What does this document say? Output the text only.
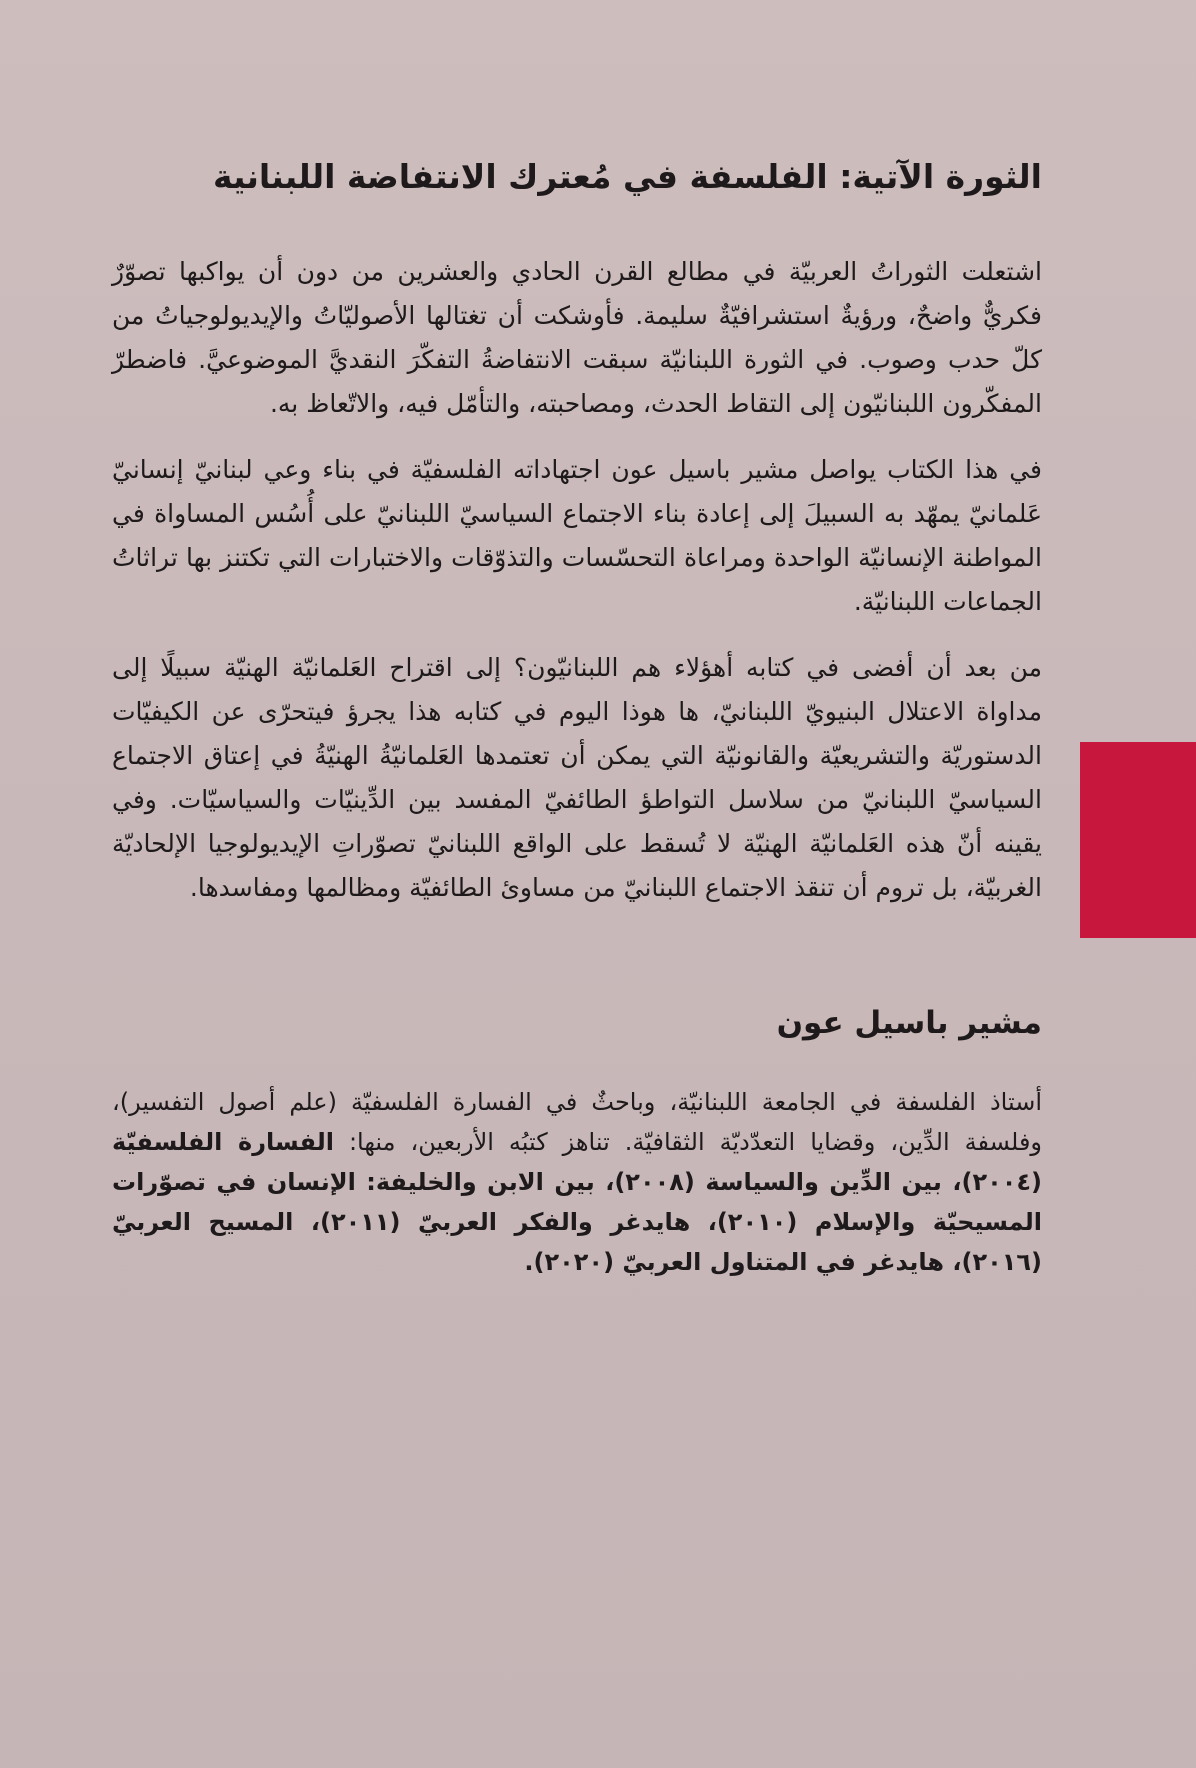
الثورة الآتية: الفلسفة في مُعترك الانتفاضة اللبنانية

اشتعلت الثوراتُ العربيّة في مطالع القرن الحادي والعشرين من دون أن يواكبها تصوّرٌ فكريٌّ واضحٌ، ورؤيةٌ استشرافيّةٌ سليمة. فأوشكت أن تغتالها الأصوليّاتُ والإيديولوجياتُ من كلّ حدب وصوب. في الثورة اللبنانيّة سبقت الانتفاضةُ التفكّرَ النقديَّ الموضوعيَّ. فاضطرّ المفكّرون اللبنانيّون إلى التقاط الحدث، ومصاحبته، والتأمّل فيه، والاتّعاظ به.

في هذا الكتاب يواصل مشير باسيل عون اجتهاداته الفلسفيّة في بناء وعي لبنانيّ إنسانيّ عَلمانيّ يمهّد به السبيلَ إلى إعادة بناء الاجتماع السياسيّ اللبنانيّ على أُسُس المساواة في المواطنة الإنسانيّة الواحدة ومراعاة التحسّسات والتذوّقات والاختبارات التي تكتنز بها تراثاتُ الجماعات اللبنانيّة.

من بعد أن أفضى في كتابه أهؤلاء هم اللبنانيّون؟ إلى اقتراح العَلمانيّة الهنيّة سبيلًا إلى مداواة الاعتلال البنيويّ اللبنانيّ، ها هوذا اليوم في كتابه هذا يجرؤ فيتحرّى عن الكيفيّات الدستوريّة والتشريعيّة والقانونيّة التي يمكن أن تعتمدها العَلمانيّةُ الهنيّةُ في إعتاق الاجتماع السياسيّ اللبنانيّ من سلاسل التواطؤ الطائفيّ المفسد بين الدِّينيّات والسياسيّات. وفي يقينه أنّ هذه العَلمانيّة الهنيّة لا تُسقط على الواقع اللبنانيّ تصوّراتِ الإيديولوجيا الإلحاديّة الغربيّة، بل تروم أن تنقذ الاجتماع اللبنانيّ من مساوئ الطائفيّة ومظالمها ومفاسدها.

مشير باسيل عون

أستاذ الفلسفة في الجامعة اللبنانيّة، وباحثٌ في الفسارة الفلسفيّة (علم أصول التفسير)، وفلسفة الدِّين، وقضايا التعدّديّة الثقافيّة. تناهز كتبُه الأربعين، منها: الفسارة الفلسفيّة (٢٠٠٤)، بين الدِّين والسياسة (٢٠٠٨)، بين الابن والخليفة: الإنسان في تصوّرات المسيحيّة والإسلام (٢٠١٠)، هايدغر والفكر العربيّ (٢٠١١)، المسيح العربيّ (٢٠١٦)، هايدغر في المتناول العربيّ (٢٠٢٠).
